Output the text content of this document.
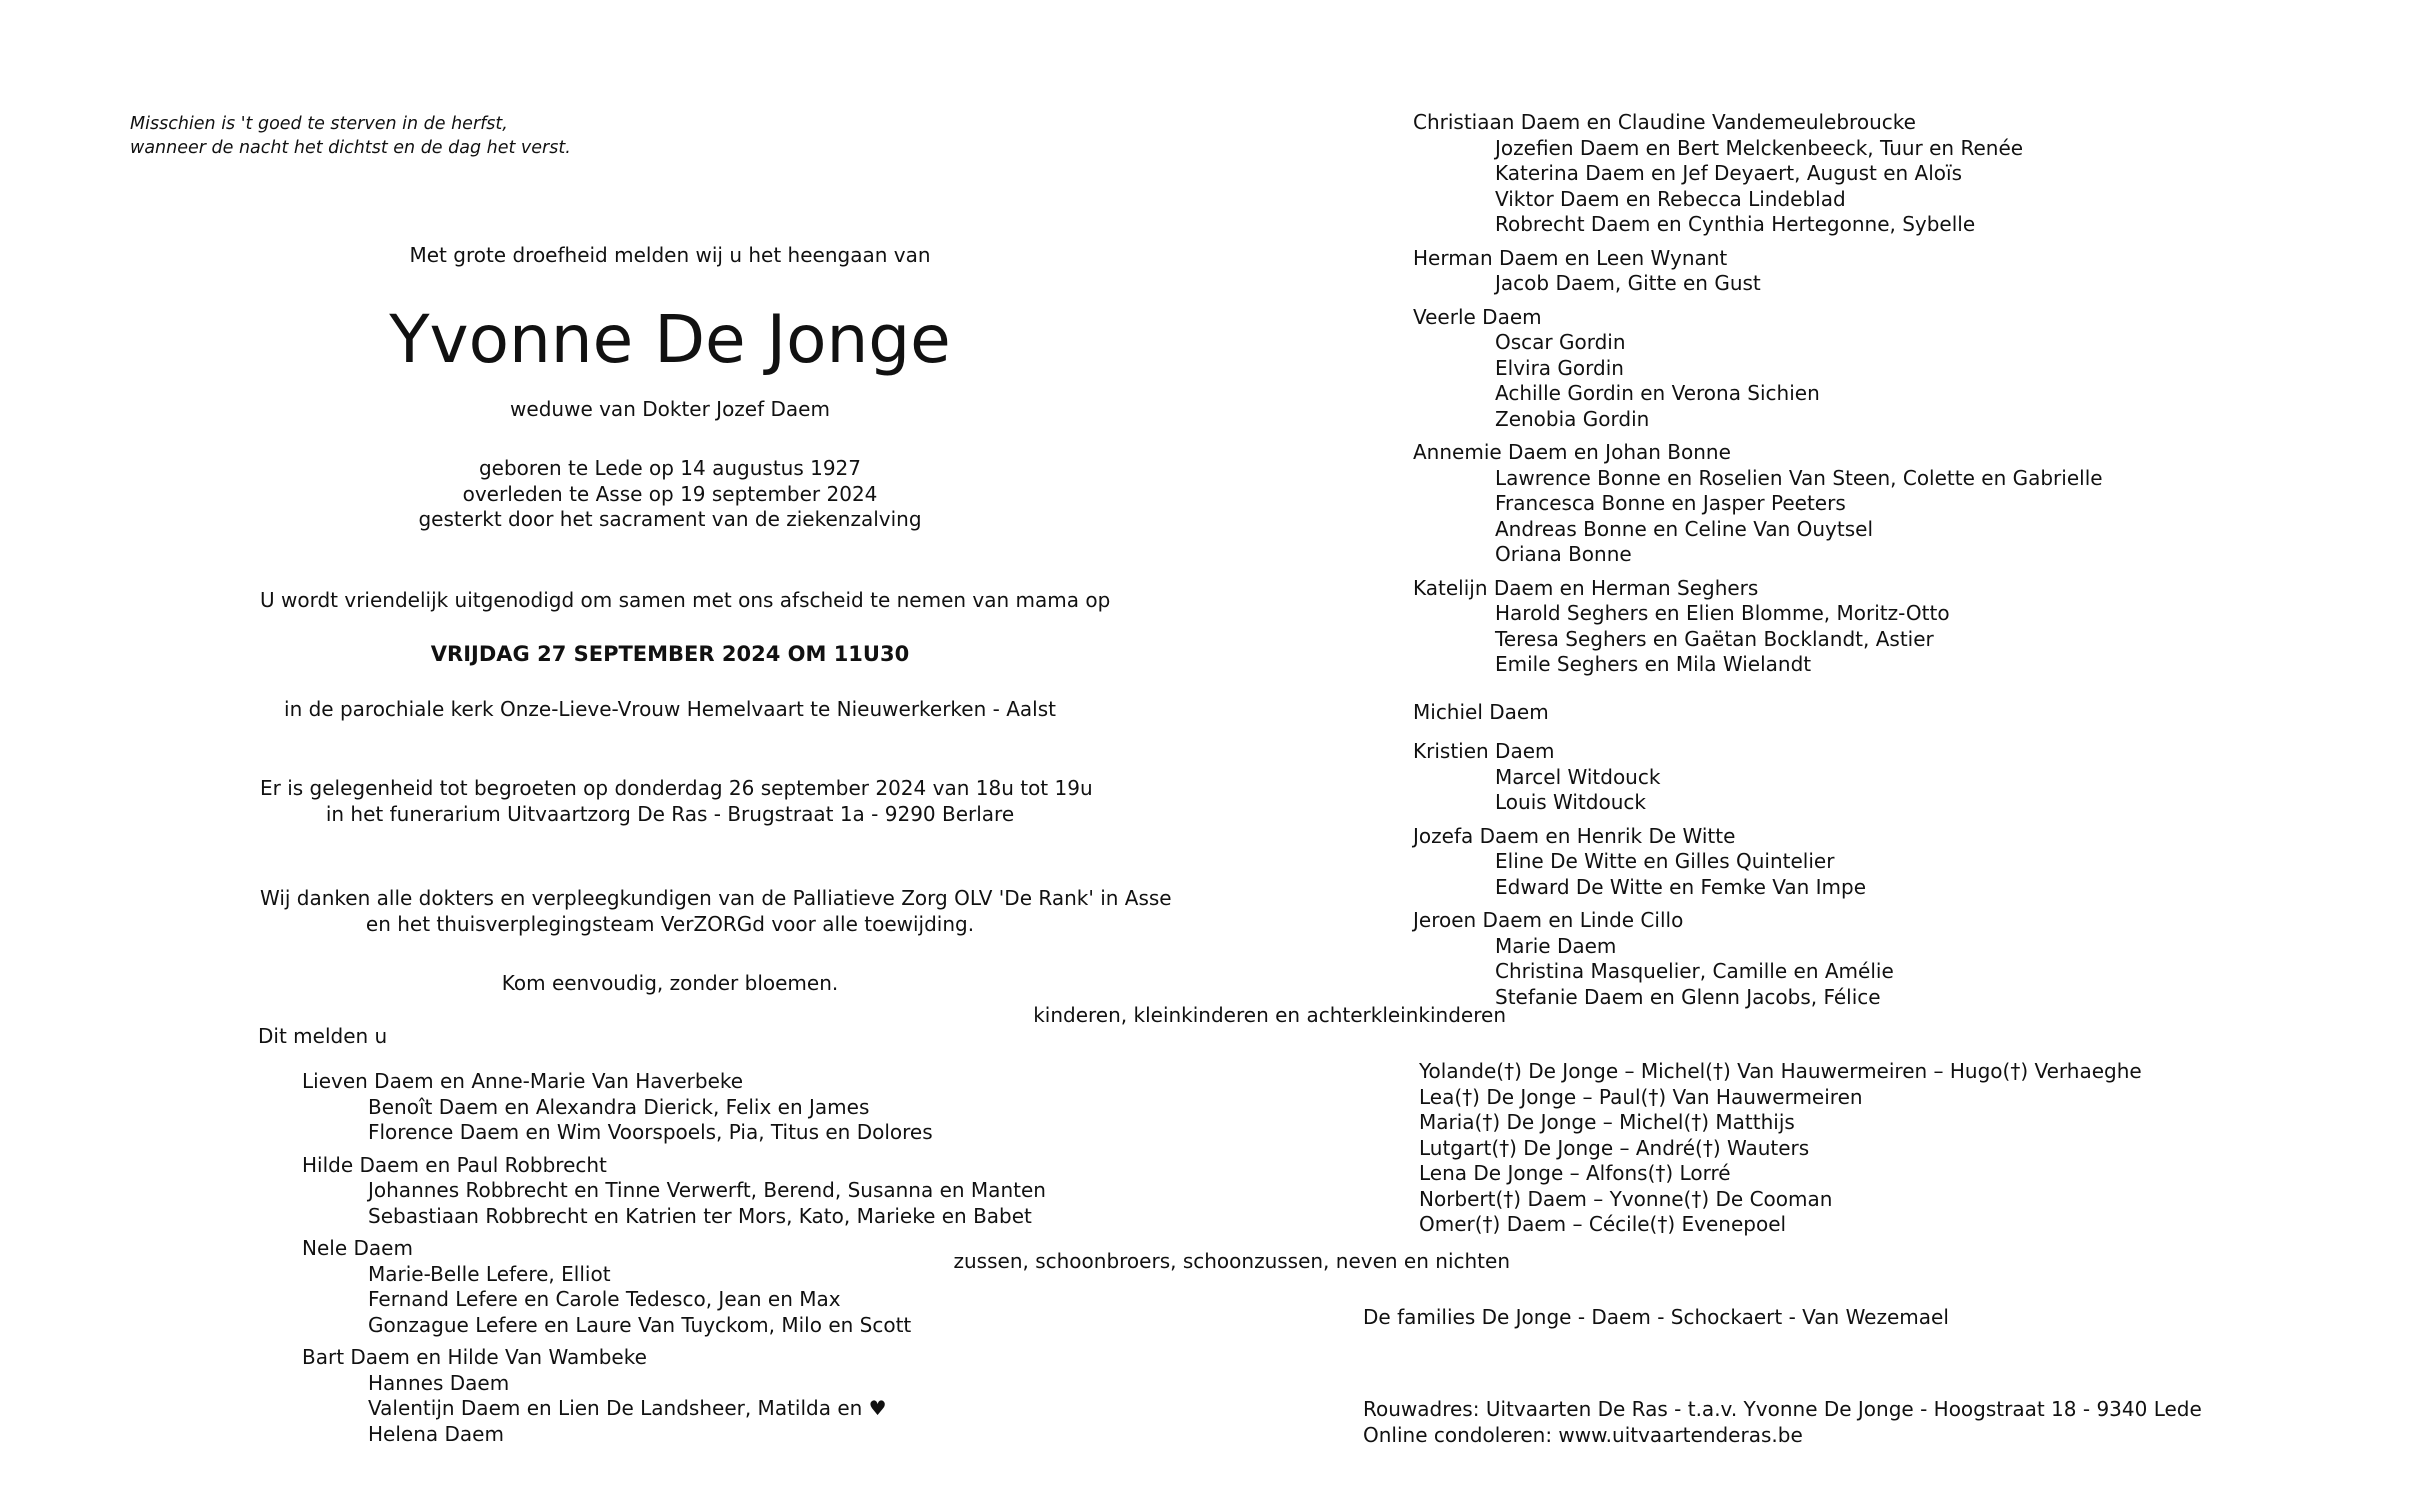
Misschien is 't goed te sterven in de herfst,
wanneer de nacht het dichtst en de dag het verst.
Met grote droefheid melden wij u het heengaan van
Yvonne De Jonge
weduwe van Dokter Jozef Daem
geboren te Lede op 14 augustus 1927
overleden te Asse op 19 september 2024
gesterkt door het sacrament van de ziekenzalving
U wordt vriendelijk uitgenodigd om samen met ons afscheid te nemen van mama op
VRIJDAG 27 SEPTEMBER 2024 OM 11U30
in de parochiale kerk Onze-Lieve-Vrouw Hemelvaart te Nieuwerkerken - Aalst
Er is gelegenheid tot begroeten op donderdag 26 september 2024 van 18u tot 19u
in het funerarium Uitvaartzorg De Ras - Brugstraat 1a - 9290 Berlare
Wij danken alle dokters en verpleegkundigen van de Palliatieve Zorg OLV 'De Rank' in Asse
en het thuisverplegingsteam VerZORGd voor alle toewijding.
Kom eenvoudig, zonder bloemen.
Dit melden u
Lieven Daem en Anne-Marie Van Haverbeke
Benoît Daem en Alexandra Dierick, Felix en James
Florence Daem en Wim Voorspoels, Pia, Titus en Dolores
Hilde Daem en Paul Robbrecht
Johannes Robbrecht en Tinne Verwerft, Berend, Susanna en Manten
Sebastiaan Robbrecht en Katrien ter Mors, Kato, Marieke en Babet
Nele Daem
Marie-Belle Lefere, Elliot
Fernand Lefere en Carole Tedesco, Jean en Max
Gonzague Lefere en Laure Van Tuyckom, Milo en Scott
Bart Daem en Hilde Van Wambeke
Hannes Daem
Valentijn Daem en Lien De Landsheer, Matilda en ♥
Helena Daem
Christiaan Daem en Claudine Vandemeulebroucke
Jozefien Daem en Bert Melckenbeeck, Tuur en Renée
Katerina Daem en Jef Deyaert, August en Aloïs
Viktor Daem en Rebecca Lindeblad
Robrecht Daem en Cynthia Hertegonne, Sybelle
Herman Daem en Leen Wynant
Jacob Daem, Gitte en Gust
Veerle Daem
Oscar Gordin
Elvira Gordin
Achille Gordin en Verona Sichien
Zenobia Gordin
Annemie Daem en Johan Bonne
Lawrence Bonne en Roselien Van Steen, Colette en Gabrielle
Francesca Bonne en Jasper Peeters
Andreas Bonne en Celine Van Ouytsel
Oriana Bonne
Katelijn Daem en Herman Seghers
Harold Seghers en Elien Blomme, Moritz-Otto
Teresa Seghers en Gaëtan Bocklandt, Astier
Emile Seghers en Mila Wielandt
Michiel Daem
Kristien Daem
Marcel Witdouck
Louis Witdouck
Jozefa Daem en Henrik De Witte
Eline De Witte en Gilles Quintelier
Edward De Witte en Femke Van Impe
Jeroen Daem en Linde Cillo
Marie Daem
Christina Masquelier, Camille en Amélie
Stefanie Daem en Glenn Jacobs, Félice
kinderen, kleinkinderen en achterkleinkinderen
Yolande(†) De Jonge – Michel(†) Van Hauwermeiren – Hugo(†) Verhaeghe
Lea(†) De Jonge – Paul(†) Van Hauwermeiren
Maria(†) De Jonge – Michel(†) Matthijs
Lutgart(†) De Jonge – André(†) Wauters
Lena De Jonge – Alfons(†) Lorré
Norbert(†) Daem – Yvonne(†) De Cooman
Omer(†) Daem – Cécile(†) Evenepoel
zussen, schoonbroers, schoonzussen, neven en nichten
De families De Jonge - Daem - Schockaert - Van Wezemael
Rouwadres: Uitvaarten De Ras - t.a.v. Yvonne De Jonge - Hoogstraat 18 - 9340 Lede
Online condoleren: www.uitvaartenderas.be
